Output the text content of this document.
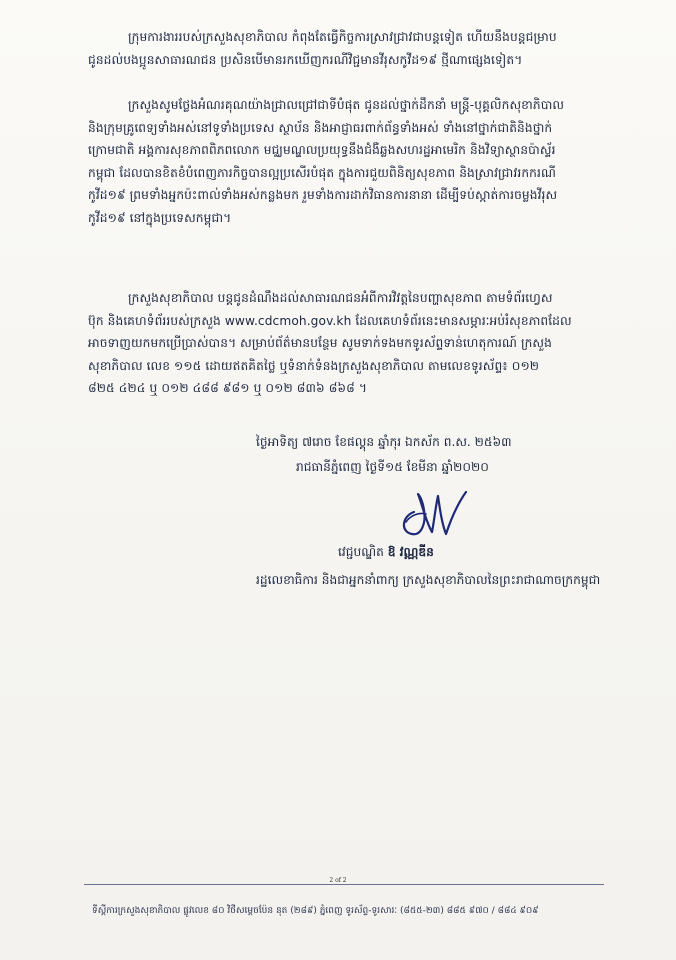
ក្រុមការងាររបស់ក្រសួងសុខាភិបាល កំពុងតែធ្វើកិច្ចការស្រាវជ្រាវជាបន្តទៀត ហើយនឹងបន្តជម្រាប
ជូនដល់បងប្អូនសាធារណជន ប្រសិនបើមានរកឃើញករណីវិជ្ជមានវីរុសកូវីដ១៩ ថ្មីណាផ្សេងទៀត។
ក្រសួងសូមថ្លែងអំណរគុណយ៉ាងជ្រាលជ្រៅជាទីបំផុត ជូនដល់ថ្នាក់ដឹកនាំ មន្ត្រី-បុគ្គលិកសុខាភិបាល
និងក្រុមគ្រូពេទ្យទាំងអស់នៅទូទាំងប្រទេស ស្ថាប័ន និងអាជ្ញាធរពាក់ព័ន្ធទាំងអស់ ទាំងនៅថ្នាក់ជាតិនិងថ្នាក់
ក្រោមជាតិ អង្គការសុខភាពពិភពលោក មជ្ឈមណ្ឌលប្រយុទ្ធនឹងជំងឺឆ្លងសហរដ្ឋអាមេរិក និងវិទ្យាស្ថានប៉ាស្ទ័រ
កម្ពុជា ដែលបានខិតខំបំពេញភារកិច្ចបានល្អប្រសើរបំផុត ក្នុងការជួយពិនិត្យសុខភាព និងស្រាវជ្រាវរកករណី
កូវីដ១៩ ព្រមទាំងអ្នកប៉ះពាល់ទាំងអស់កន្លងមក រួមទាំងការដាក់វិធានការនានា ដើម្បីទប់ស្កាត់ការចម្លងវីរុស
កូវីដ១៩ នៅក្នុងប្រទេសកម្ពុជា។
ក្រសួងសុខាភិបាល បន្តជូនដំណឹងដល់សាធារណជនអំពីការវិវត្តនៃបញ្ហាសុខភាព តាមទំព័រហ្វេស
ប៊ុក និងគេហទំព័ររបស់ក្រសួង www.cdcmoh.gov.kh ដែលគេហទំព័រនេះមានសម្ភារៈអប់រំសុខភាពដែល
អាចទាញយកមកប្រើប្រាស់បាន។ សម្រាប់ព័ត៌មានបន្ថែម សូមទាក់ទងមកទូរស័ព្ទទាន់ហេតុការណ៍ ក្រសួង
សុខាភិបាល លេខ ១១៥ ដោយឥតគិតថ្លៃ ឬទំនាក់ទំនងក្រសួងសុខាភិបាល តាមលេខទូរស័ព្ទ៖ ០១២
៨២៥ ៤២៤ ឬ ០១២ ៤៨៨ ៩៨១ ឬ ០១២ ៨៣៦ ៨៦៨ ។
ថ្ងៃអាទិត្យ ៧រោច ខែផល្គុន ឆ្នាំកុរ ឯកស័ក ព.ស. ២៥៦៣
រាជធានីភ្នំពេញ ថ្ងៃទី១៥ ខែមីនា ឆ្នាំ២០២០
វេជ្ជបណ្ឌិត ឱ វណ្ណឌីន
រដ្ឋលេខាធិការ និងជាអ្នកនាំពាក្យ ក្រសួងសុខាភិបាលនៃព្រះរាជាណាចក្រកម្ពុជា
2 of 2
ទីស្តីការក្រសួងសុខាភិបាល ផ្លូវលេខ ៨០ វិថីសម្តេចប៉ែន នុត (២៨៩) ភ្នំពេញ ទូរស័ព្ទ-ទូរសារៈ (៨៥៥-២៣) ៨៨៥ ៩៧០ / ៨៨៤ ៩០៩
